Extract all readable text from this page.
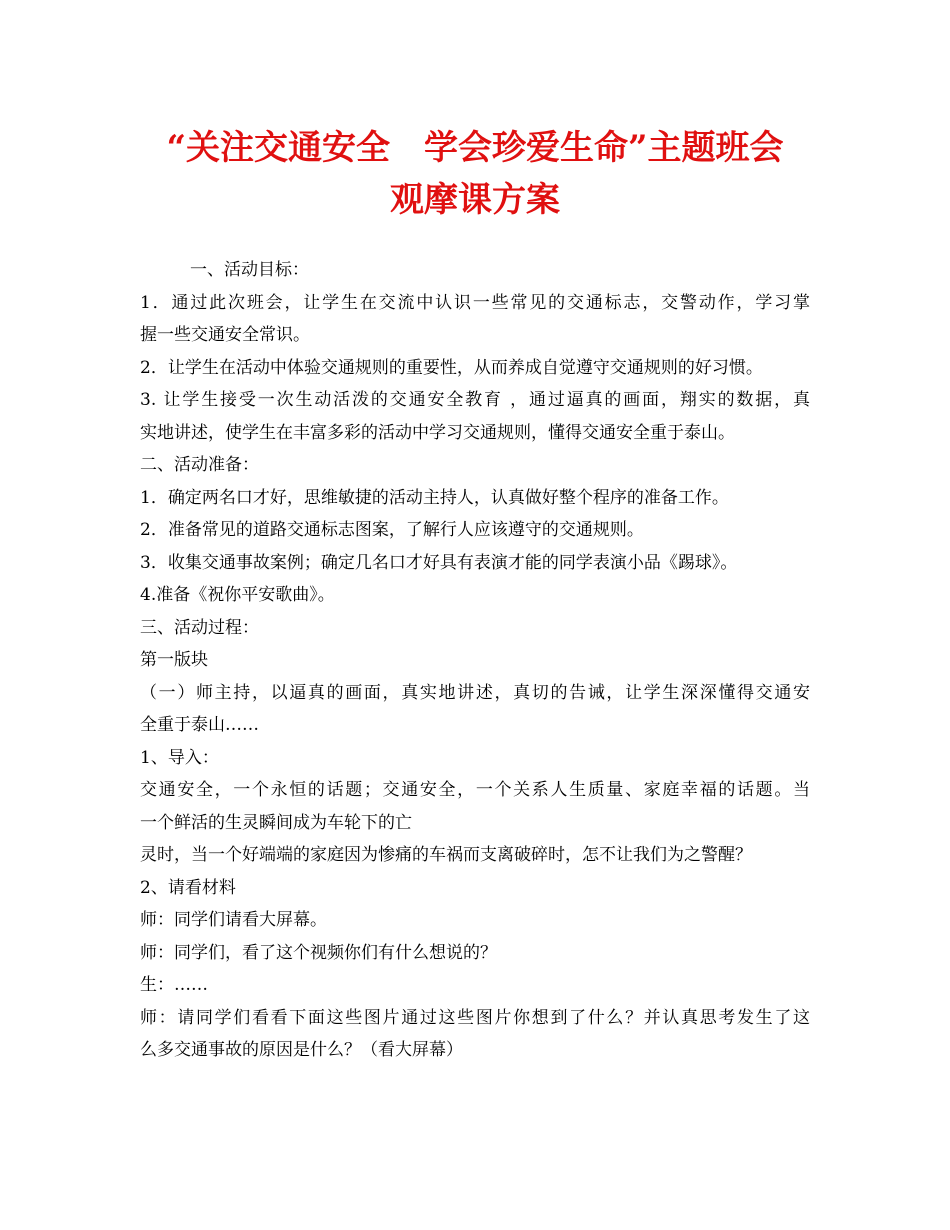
“关注交通安全　学会珍爱生命”主题班会
观摩课方案
一、活动目标：
1．通过此次班会，让学生在交流中认识一些常见的交通标志，交警动作，学习掌
握一些交通安全常识。
2．让学生在活动中体验交通规则的重要性，从而养成自觉遵守交通规则的好习惯。
3. 让学生接受一次生动活泼的交通安全教育 ，通过逼真的画面，翔实的数据，真
实地讲述，使学生在丰富多彩的活动中学习交通规则，懂得交通安全重于泰山。
二、活动准备：
1．确定两名口才好，思维敏捷的活动主持人，认真做好整个程序的准备工作。
2．准备常见的道路交通标志图案，了解行人应该遵守的交通规则。
3．收集交通事故案例；确定几名口才好具有表演才能的同学表演小品《踢球》。
4.准备《祝你平安歌曲》。
三、活动过程：
第一版块
（一）师主持，以逼真的画面，真实地讲述，真切的告诫，让学生深深懂得交通安
全重于泰山……
1、导入：
交通安全，一个永恒的话题；交通安全，一个关系人生质量、家庭幸福的话题。当
一个鲜活的生灵瞬间成为车轮下的亡
灵时，当一个好端端的家庭因为惨痛的车祸而支离破碎时，怎不让我们为之警醒？
2、请看材料
师：同学们请看大屏幕。
师：同学们，看了这个视频你们有什么想说的？
生：……
师：请同学们看看下面这些图片通过这些图片你想到了什么？并认真思考发生了这
么多交通事故的原因是什么？（看大屏幕）
